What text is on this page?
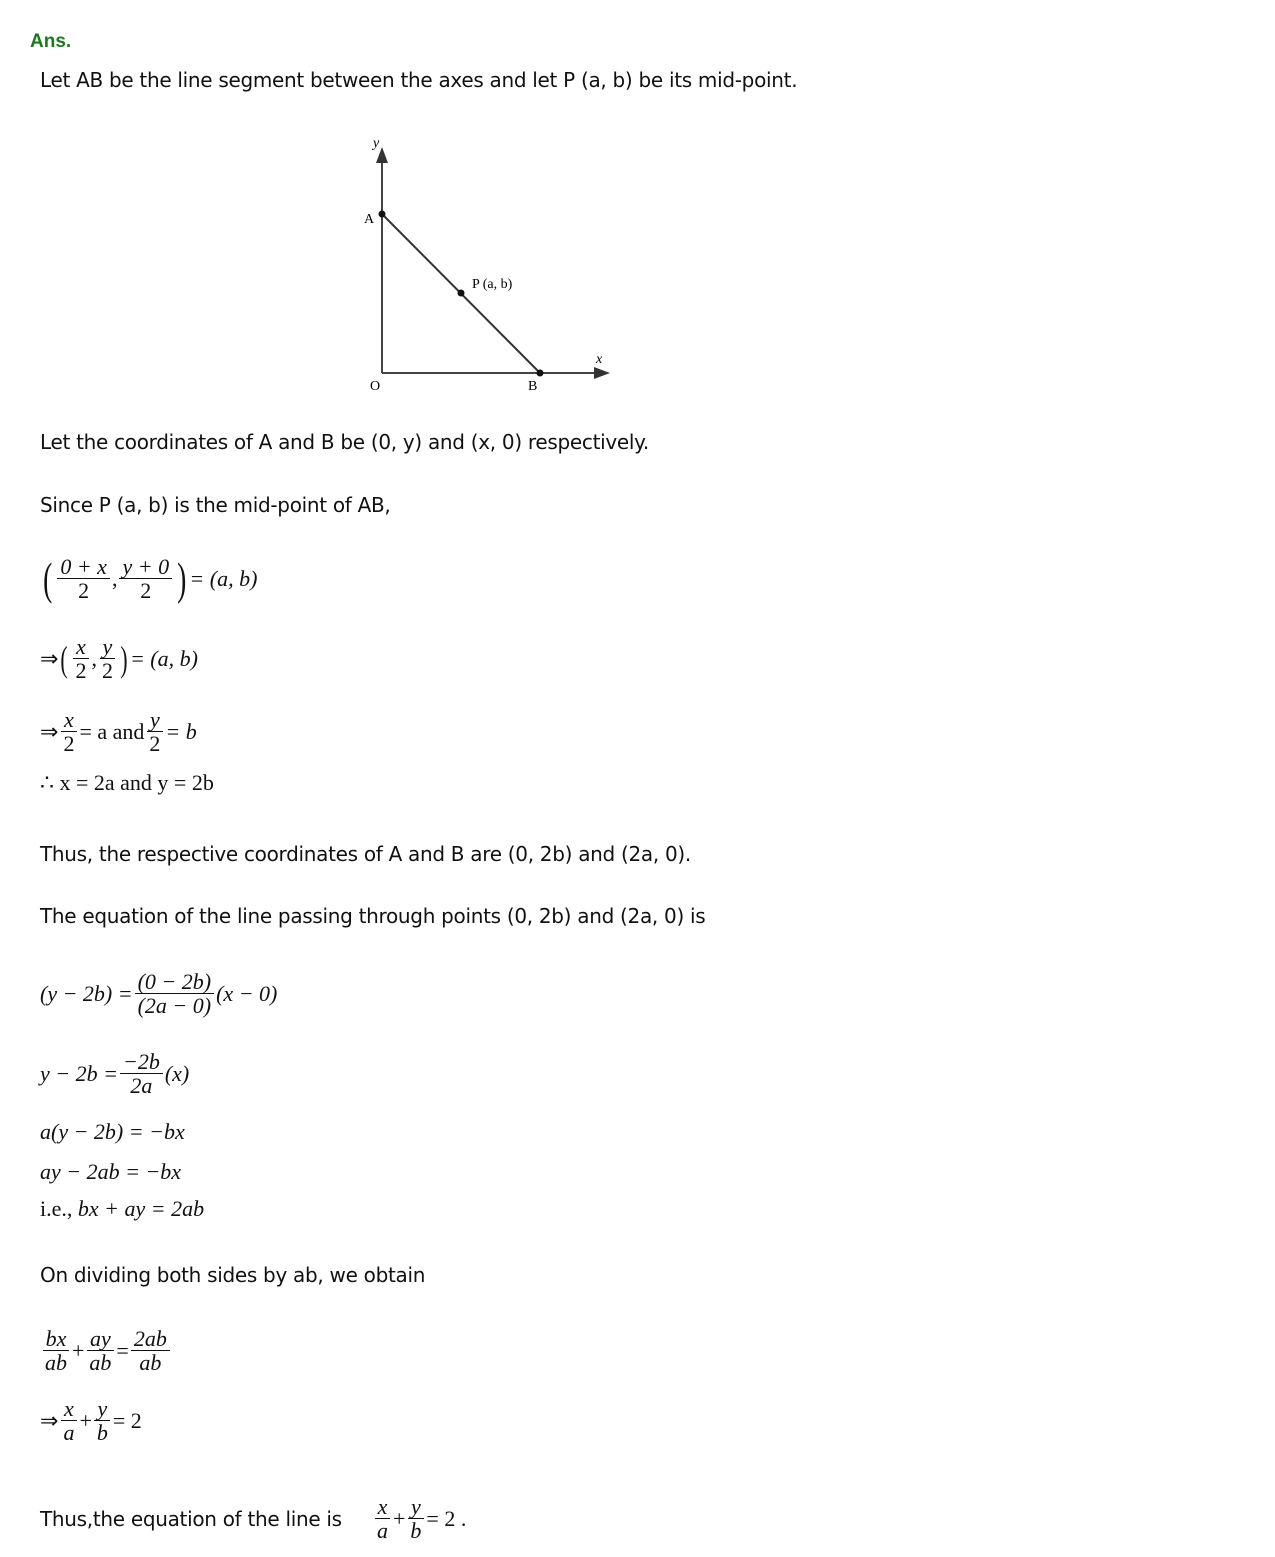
Ans.
Let AB be the line segment between the axes and let P (a, b) be its mid-point.
y
x
A
B
O
P (a, b)
Let the coordinates of A and B be (0, y) and (x, 0) respectively.
Since P (a, b) is the mid-point of AB,
( $\frac{0 + x}{2}$ , $\frac{y + 0}{2}$ ) = (a, b)
⇒ ( $\frac{x}{2}$ , $\frac{y}{2}$ ) = (a, b)
⇒ $\frac{x}{2} = a$ and $\frac{y}{2} = b$
∴ x = 2a and y = 2b
Thus, the respective coordinates of A and B are (0, 2b) and (2a, 0).
The equation of the line passing through points (0, 2b) and (2a, 0) is
$(y - 2b) = \frac{(0 - 2b)}{(2a - 0)} (x - 0)$
$y - 2b = \frac{-2b}{2a} (x)$
a(y − 2b) = −bx
ay − 2ab = −bx
i.e.,
bx + ay = 2ab
On dividing both sides by ab, we obtain
$\frac{bx}{ab} + \frac{ay}{ab} = \frac{2ab}{ab}$
⇒ $\frac{x}{a} + \frac{y}{b} = 2$
Thus,the equation of the line is $\frac{x}{a} + \frac{y}{b} = 2$ .
